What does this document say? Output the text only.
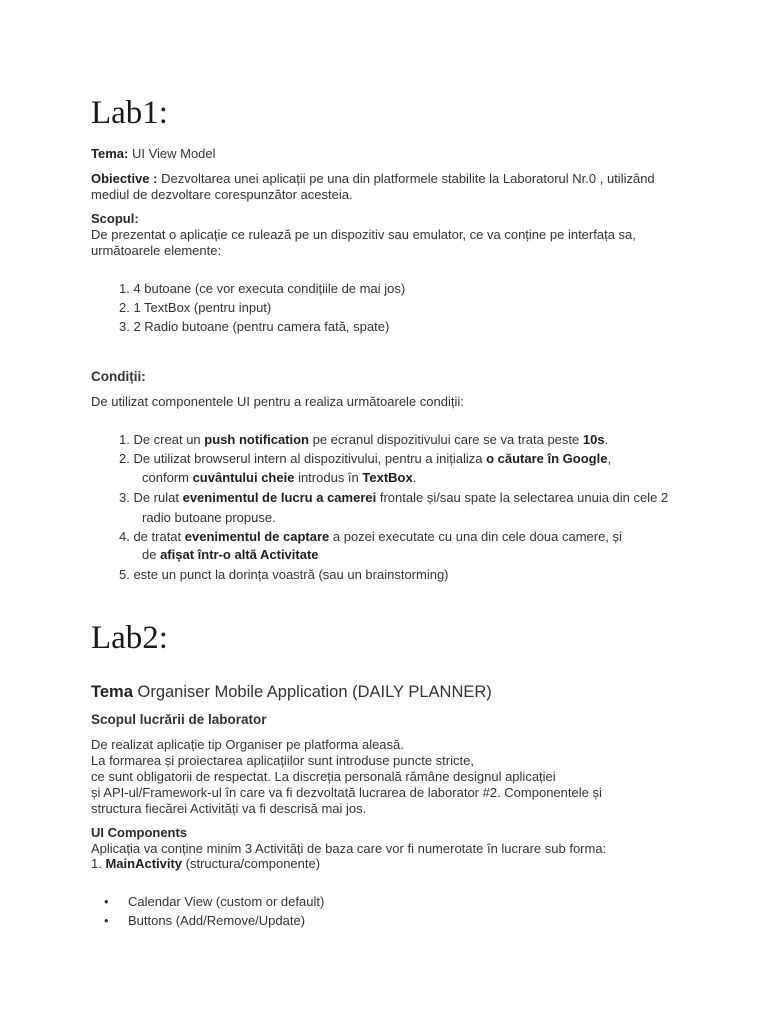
Lab1:
Tema: UI View Model
Obiective : Dezvoltarea unei aplicații pe una din platformele stabilite la Laboratorul Nr.0 , utilizând
mediul de dezvoltare corespunzător acesteia.
Scopul:
De prezentat o aplicație ce rulează pe un dispozitiv sau emulator, ce va conține pe interfața sa,
următoarele elemente:
1. 4 butoane (ce vor executa condițiile de mai jos)
2. 1 TextBox (pentru input)
3. 2 Radio butoane (pentru camera fată, spate)
Condiții:
De utilizat componentele UI pentru a realiza următoarele condiții:
1. De creat un push notification pe ecranul dispozitivului care se va trata peste 10s.
2. De utilizat browserul intern al dispozitivului, pentru a inițializa o căutare în Google,
conform cuvântului cheie introdus în TextBox.
3. De rulat evenimentul de lucru a camerei frontale și/sau spate la selectarea unuia din cele 2
radio butoane propuse.
4. de tratat evenimentul de captare a pozei executate cu una din cele doua camere, și
de afișat într-o altă Activitate
5. este un punct la dorința voastră (sau un brainstorming)
Lab2:
Tema Organiser Mobile Application (DAILY PLANNER)
Scopul lucrării de laborator
De realizat aplicație tip Organiser pe platforma aleasă.
La formarea și proiectarea aplicațiilor sunt introduse puncte stricte,
ce sunt obligatorii de respectat. La discreția personală rămâne designul aplicației
și API-ul/Framework-ul în care va fi dezvoltată lucrarea de laborator #2. Componentele și
structura fiecărei Activități va fi descrisă mai jos.
UI Components
Aplicația va conține minim 3 Activități de baza care vor fi numerotate în lucrare sub forma:
1. MainActivity (structura/componente)
• Calendar View (custom or default)
• Buttons (Add/Remove/Update)
